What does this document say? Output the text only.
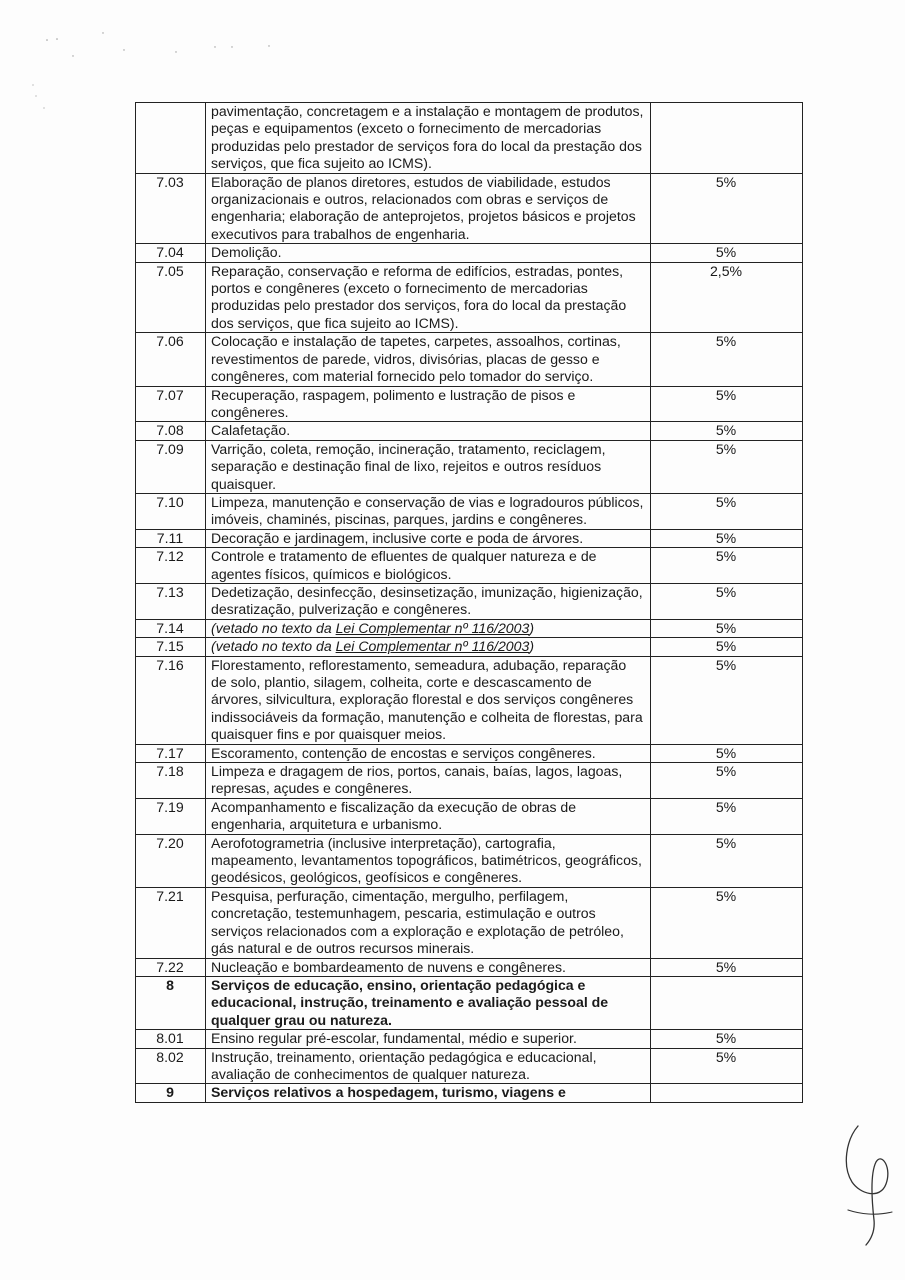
	pavimentação, concretagem e a instalação e montagem de produtos, peças e equipamentos (exceto o fornecimento de mercadorias produzidas pelo prestador de serviços fora do local da prestação dos serviços, que fica sujeito ao ICMS).	
7.03	Elaboração de planos diretores, estudos de viabilidade, estudos organizacionais e outros, relacionados com obras e serviços de engenharia; elaboração de anteprojetos, projetos básicos e projetos executivos para trabalhos de engenharia.	5%
7.04	Demolição.	5%
7.05	Reparação, conservação e reforma de edifícios, estradas, pontes, portos e congêneres (exceto o fornecimento de mercadorias produzidas pelo prestador dos serviços, fora do local da prestação dos serviços, que fica sujeito ao ICMS).	2,5%
7.06	Colocação e instalação de tapetes, carpetes, assoalhos, cortinas, revestimentos de parede, vidros, divisórias, placas de gesso e congêneres, com material fornecido pelo tomador do serviço.	5%
7.07	Recuperação, raspagem, polimento e lustração de pisos e congêneres.	5%
7.08	Calafetação.	5%
7.09	Varrição, coleta, remoção, incineração, tratamento, reciclagem, separação e destinação final de lixo, rejeitos e outros resíduos quaisquer.	5%
7.10	Limpeza, manutenção e conservação de vias e logradouros públicos, imóveis, chaminés, piscinas, parques, jardins e congêneres.	5%
7.11	Decoração e jardinagem, inclusive corte e poda de árvores.	5%
7.12	Controle e tratamento de efluentes de qualquer natureza e de agentes físicos, químicos e biológicos.	5%
7.13	Dedetização, desinfecção, desinsetização, imunização, higienização, desratização, pulverização e congêneres.	5%
7.14	(vetado no texto da Lei Complementar nº 116/2003)	5%
7.15	(vetado no texto da Lei Complementar nº 116/2003)	5%
7.16	Florestamento, reflorestamento, semeadura, adubação, reparação de solo, plantio, silagem, colheita, corte e descascamento de árvores, silvicultura, exploração florestal e dos serviços congêneres indissociáveis da formação, manutenção e colheita de florestas, para quaisquer fins e por quaisquer meios.	5%
7.17	Escoramento, contenção de encostas e serviços congêneres.	5%
7.18	Limpeza e dragagem de rios, portos, canais, baías, lagos, lagoas, represas, açudes e congêneres.	5%
7.19	Acompanhamento e fiscalização da execução de obras de engenharia, arquitetura e urbanismo.	5%
7.20	Aerofotogrametria (inclusive interpretação), cartografia, mapeamento, levantamentos topográficos, batimétricos, geográficos, geodésicos, geológicos, geofísicos e congêneres.	5%
7.21	Pesquisa, perfuração, cimentação, mergulho, perfilagem, concretação, testemunhagem, pescaria, estimulação e outros serviços relacionados com a exploração e explotação de petróleo, gás natural e de outros recursos minerais.	5%
7.22	Nucleação e bombardeamento de nuvens e congêneres.	5%
8	Serviços de educação, ensino, orientação pedagógica e educacional, instrução, treinamento e avaliação pessoal de qualquer grau ou natureza.	
8.01	Ensino regular pré-escolar, fundamental, médio e superior.	5%
8.02	Instrução, treinamento, orientação pedagógica e educacional, avaliação de conhecimentos de qualquer natureza.	5%
9	Serviços relativos a hospedagem, turismo, viagens e	
